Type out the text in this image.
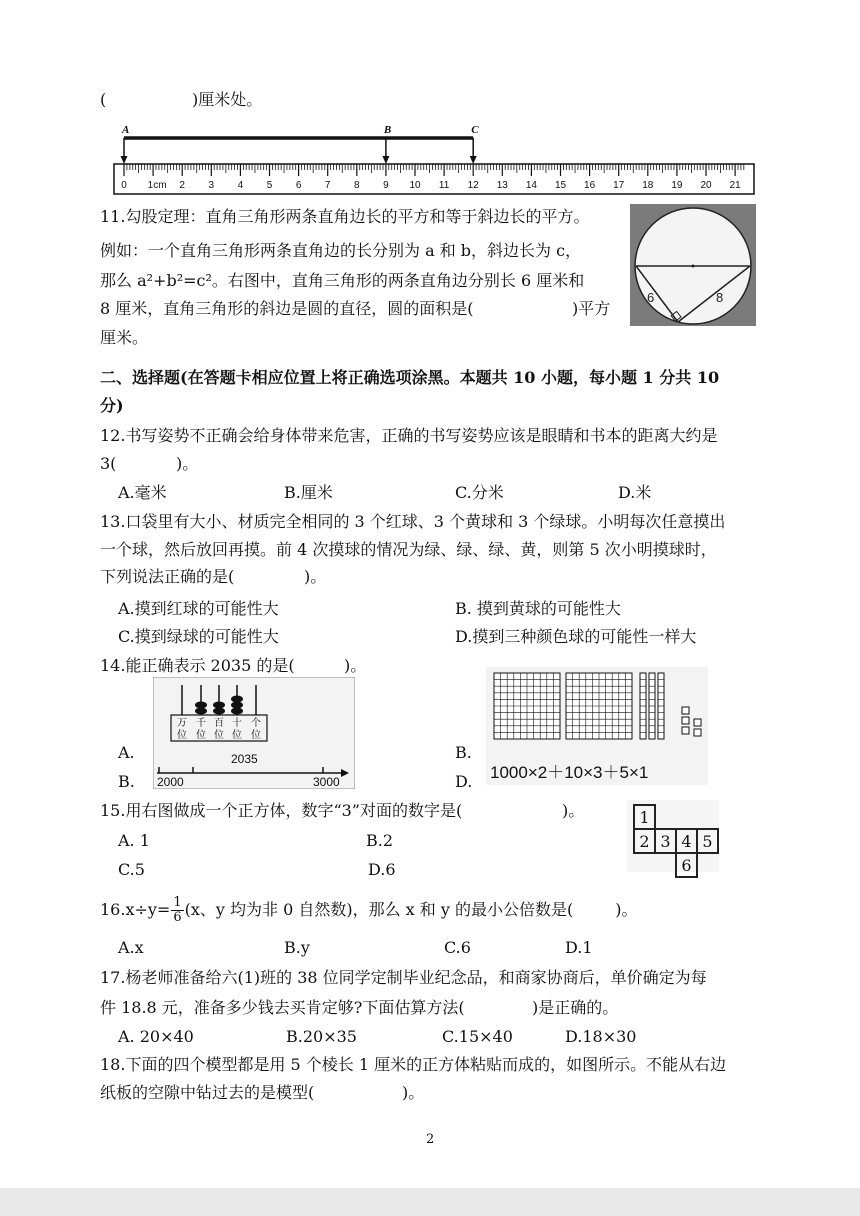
(	)厘米处。
0 1cm 2 3 4 5 6 7 8 9 10 11 12 13 14 15 16 17 18 19 20 21
A	B	C
11.勾股定理：直角三角形两条直角边长的平方和等于斜边长的平方。
例如：一个直角三角形两条直角边的长分别为 a 和 b，斜边长为 c，
那么 a²+b²=c²。右图中，直角三角形的两条直角边分别长 6 厘米和
8 厘米，直角三角形的斜边是圆的直径，圆的面积是(	)平方
厘米。
6	8
二、选择题(在答题卡相应位置上将正确选项涂黑。本题共 10 小题，每小题 1 分共 10
分)
12.书写姿势不正确会给身体带来危害，正确的书写姿势应该是眼睛和书本的距离大约是
3(	)。
A.毫米	B.厘米	C.分米	D.米
13.口袋里有大小、材质完全相同的 3 个红球、3 个黄球和 3 个绿球。小明每次任意摸出
一个球，然后放回再摸。前 4 次摸球的情况为绿、绿、绿、黄，则第 5 次小明摸球时，
下列说法正确的是(	)。
A.摸到红球的可能性大	B. 摸到黄球的可能性大
C.摸到绿球的可能性大	D.摸到三种颜色球的可能性一样大
14.能正确表示 2035 的是(	)。
万
位
千
位
百
位
十
位
个
位
2035
2000	3000
A.
B.	1000×2＋10×3＋5×1
B.
D.
15.用右图做成一个正方体，数字“3”对面的数字是(	)。
A. 1	B.2
C.5	D.6
1			
2	3	4	5
		6	
$16.x\div y= \frac{1}{6} (x$、y 均为非 0 自然数)，那么 x 和 y 的最小公倍数是(	)。
A.x	B.y	C.6	D.1
17.杨老师准备给六(1)班的 38 位同学定制毕业纪念品，和商家协商后，单价确定为每
件 18.8 元，准备多少钱去买肯定够?下面估算方法(	)是正确的。
A. 20×40	B.20×35	C.15×40	D.18×30
18.下面的四个模型都是用 5 个棱长 1 厘米的正方体粘贴而成的，如图所示。不能从右边
纸板的空隙中钻过去的是模型(	)。
2
